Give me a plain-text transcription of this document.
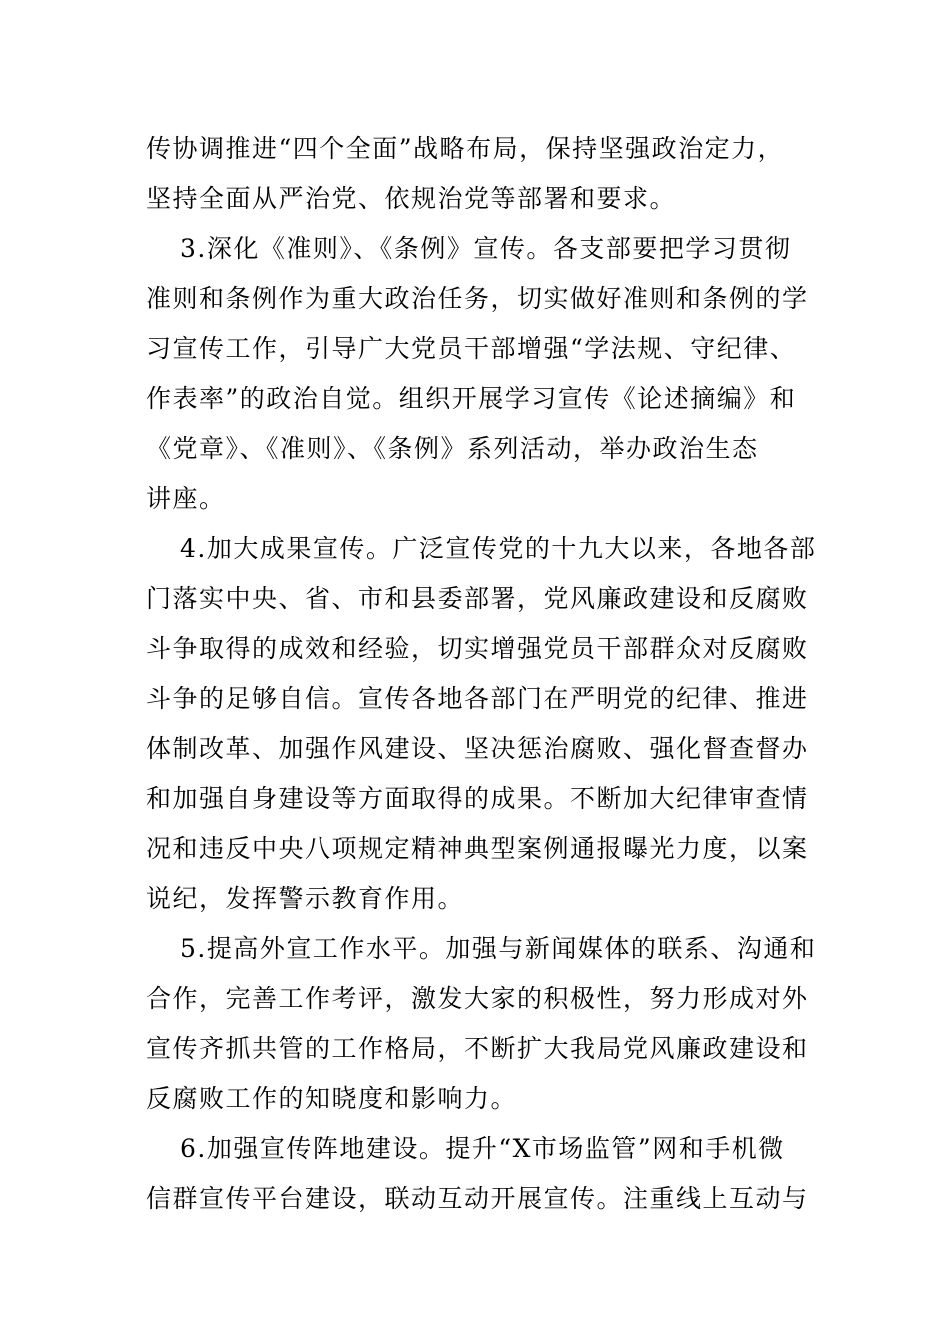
传协调推进“四个全面”战略布局，保持坚强政治定力，
坚持全面从严治党、依规治党等部署和要求。
3.深化《准则》、《条例》宣传。各支部要把学习贯彻
准则和条例作为重大政治任务，切实做好准则和条例的学
习宣传工作，引导广大党员干部增强“学法规、守纪律、
作表率”的政治自觉。组织开展学习宣传《论述摘编》和
《党章》、《准则》、《条例》系列活动，举办政治生态
讲座。
4.加大成果宣传。广泛宣传党的十九大以来，各地各部
门落实中央、省、市和县委部署，党风廉政建设和反腐败
斗争取得的成效和经验，切实增强党员干部群众对反腐败
斗争的足够自信。宣传各地各部门在严明党的纪律、推进
体制改革、加强作风建设、坚决惩治腐败、强化督查督办
和加强自身建设等方面取得的成果。不断加大纪律审查情
况和违反中央八项规定精神典型案例通报曝光力度，以案
说纪，发挥警示教育作用。
5.提高外宣工作水平。加强与新闻媒体的联系、沟通和
合作，完善工作考评，激发大家的积极性，努力形成对外
宣传齐抓共管的工作格局，不断扩大我局党风廉政建设和
反腐败工作的知晓度和影响力。
6.加强宣传阵地建设。提升“X市场监管”网和手机微
信群宣传平台建设，联动互动开展宣传。注重线上互动与
